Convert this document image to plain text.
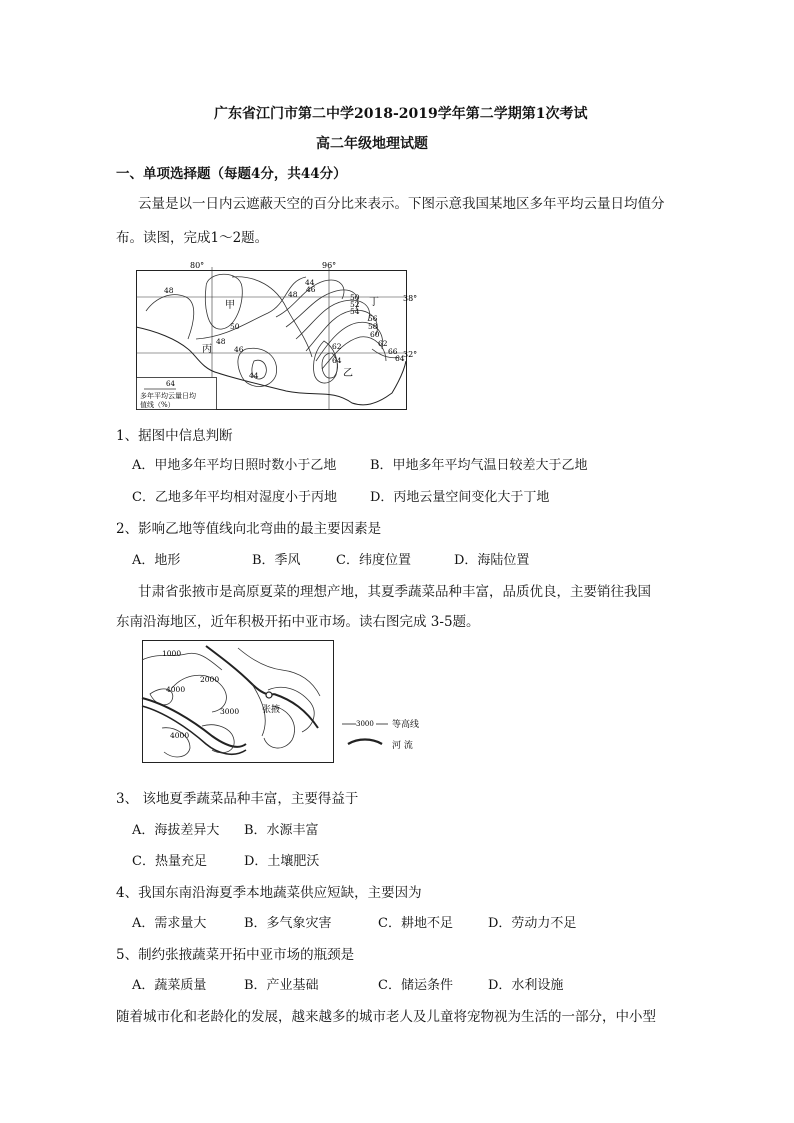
广东省江门市第二中学2018-2019学年第二学期第1次考试
高二年级地理试题
一、单项选择题（每题4分，共44分）
云量是以一日内云遮蔽天空的百分比来表示。下图示意我国某地区多年平均云量日均值分
布。读图，完成1～2题。
80°	96°
38°
32°
48
50
46
48
44
46
48	50
52
54
56
58
60
62	62
64
66
64
44
甲
乙
丙
丁
64
多年平均云量日均
值线（%）
1、据图中信息判断
A．甲地多年平均日照时数小于乙地	B．甲地多年平均气温日较差大于乙地
C．乙地多年平均相对湿度小于丙地	D．丙地云量空间变化大于丁地
2、影响乙地等值线向北弯曲的最主要因素是
A．地形	B．季风	C．纬度位置	D．海陆位置
甘肃省张掖市是高原夏菜的理想产地，其夏季蔬菜品种丰富，品质优良，主要销往我国
东南沿海地区，近年积极开拓中亚市场。读右图完成 3-5题。
1000
2000
4000
3000
4000
张掖
3000 等高线
河 流
3、 该地夏季蔬菜品种丰富，主要得益于
A．海拔差异大 B．水源丰富
C．热量充足	D．土壤肥沃
4、我国东南沿海夏季本地蔬菜供应短缺，主要因为
A．需求量大	B．多气象灾害	C．耕地不足	D．劳动力不足
5、制约张掖蔬菜开拓中亚市场的瓶颈是
A．蔬菜质量	B．产业基础	C．储运条件	D．水利设施
随着城市化和老龄化的发展，越来越多的城市老人及儿童将宠物视为生活的一部分，中小型
